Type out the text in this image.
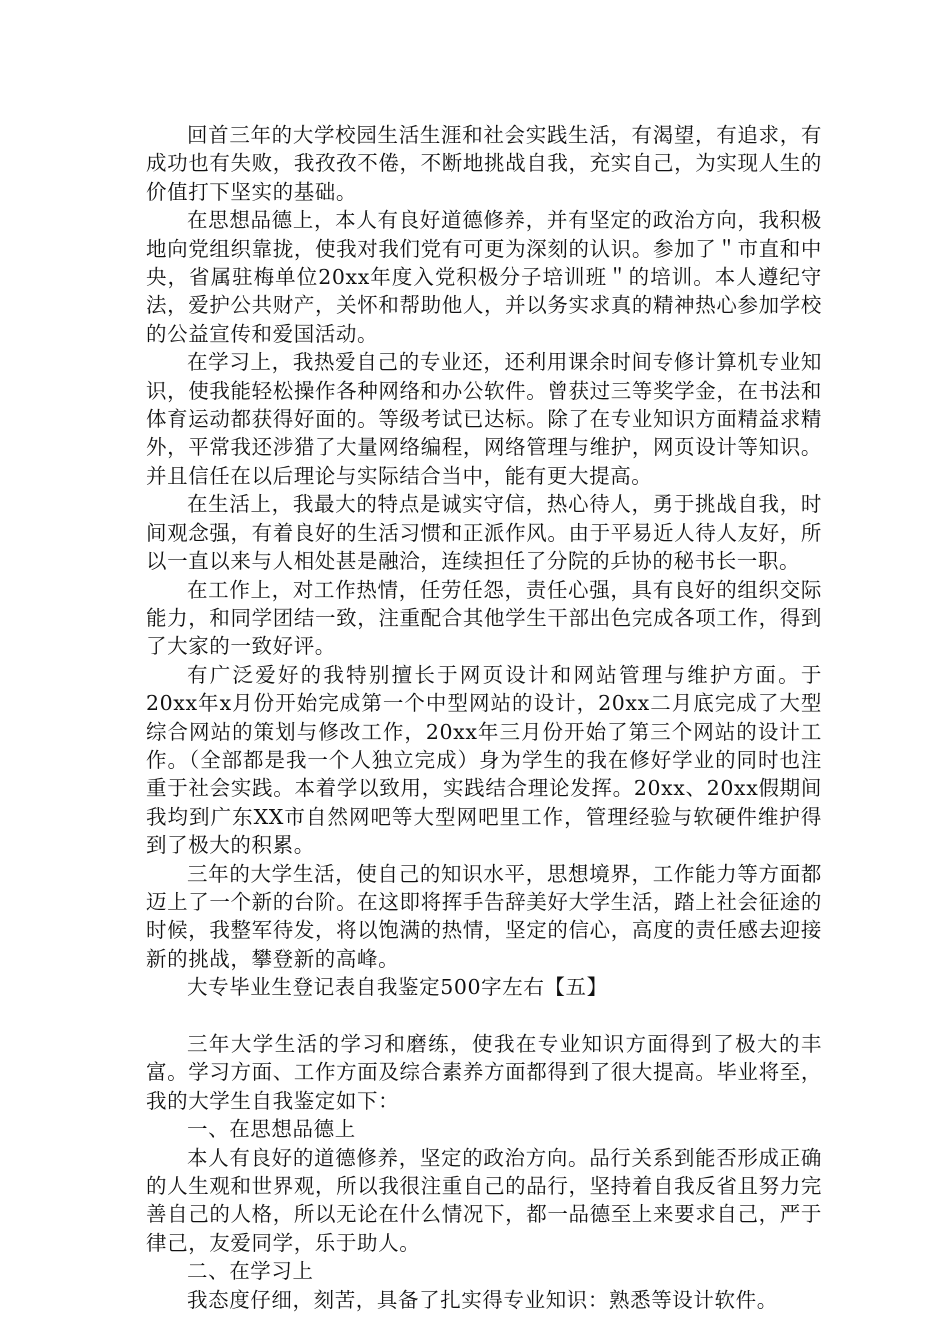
回首三年的大学校园生活生涯和社会实践生活，有渴望，有追求，有成功也有失败，我孜孜不倦，不断地挑战自我，充实自己，为实现人生的价值打下坚实的基础。

在思想品德上，本人有良好道德修养，并有坚定的政治方向，我积极地向党组织靠拢，使我对我们党有可更为深刻的认识。参加了＂市直和中央，省属驻梅单位20xx年度入党积极分子培训班＂的培训。本人遵纪守法，爱护公共财产，关怀和帮助他人，并以务实求真的精神热心参加学校的公益宣传和爱国活动。

在学习上，我热爱自己的专业还，还利用课余时间专修计算机专业知识，使我能轻松操作各种网络和办公软件。曾获过三等奖学金，在书法和体育运动都获得好面的。等级考试已达标。除了在专业知识方面精益求精外，平常我还涉猎了大量网络编程，网络管理与维护，网页设计等知识。并且信任在以后理论与实际结合当中，能有更大提高。

在生活上，我最大的特点是诚实守信，热心待人，勇于挑战自我，时间观念强，有着良好的生活习惯和正派作风。由于平易近人待人友好，所以一直以来与人相处甚是融洽，连续担任了分院的乒协的秘书长一职。

在工作上，对工作热情，任劳任怨，责任心强，具有良好的组织交际能力，和同学团结一致，注重配合其他学生干部出色完成各项工作，得到了大家的一致好评。

有广泛爱好的我特别擅长于网页设计和网站管理与维护方面。于20xx年x月份开始完成第一个中型网站的设计，20xx二月底完成了大型综合网站的策划与修改工作，20xx年三月份开始了第三个网站的设计工作。（全部都是我一个人独立完成）身为学生的我在修好学业的同时也注重于社会实践。本着学以致用，实践结合理论发挥。20xx、20xx假期间我均到广东XX市自然网吧等大型网吧里工作，管理经验与软硬件维护得到了极大的积累。

三年的大学生活，使自己的知识水平，思想境界，工作能力等方面都迈上了一个新的台阶。在这即将挥手告辞美好大学生活，踏上社会征途的时候，我整军待发，将以饱满的热情，坚定的信心，高度的责任感去迎接新的挑战，攀登新的高峰。

大专毕业生登记表自我鉴定500字左右【五】

三年大学生活的学习和磨练，使我在专业知识方面得到了极大的丰富。学习方面、工作方面及综合素养方面都得到了很大提高。毕业将至，我的大学生自我鉴定如下：

一、在思想品德上

本人有良好的道德修养，坚定的政治方向。品行关系到能否形成正确的人生观和世界观，所以我很注重自己的品行，坚持着自我反省且努力完善自己的人格，所以无论在什么情况下，都一品德至上来要求自己，严于律己，友爱同学，乐于助人。

二、在学习上

我态度仔细，刻苦，具备了扎实得专业知识：熟悉等设计软件。
